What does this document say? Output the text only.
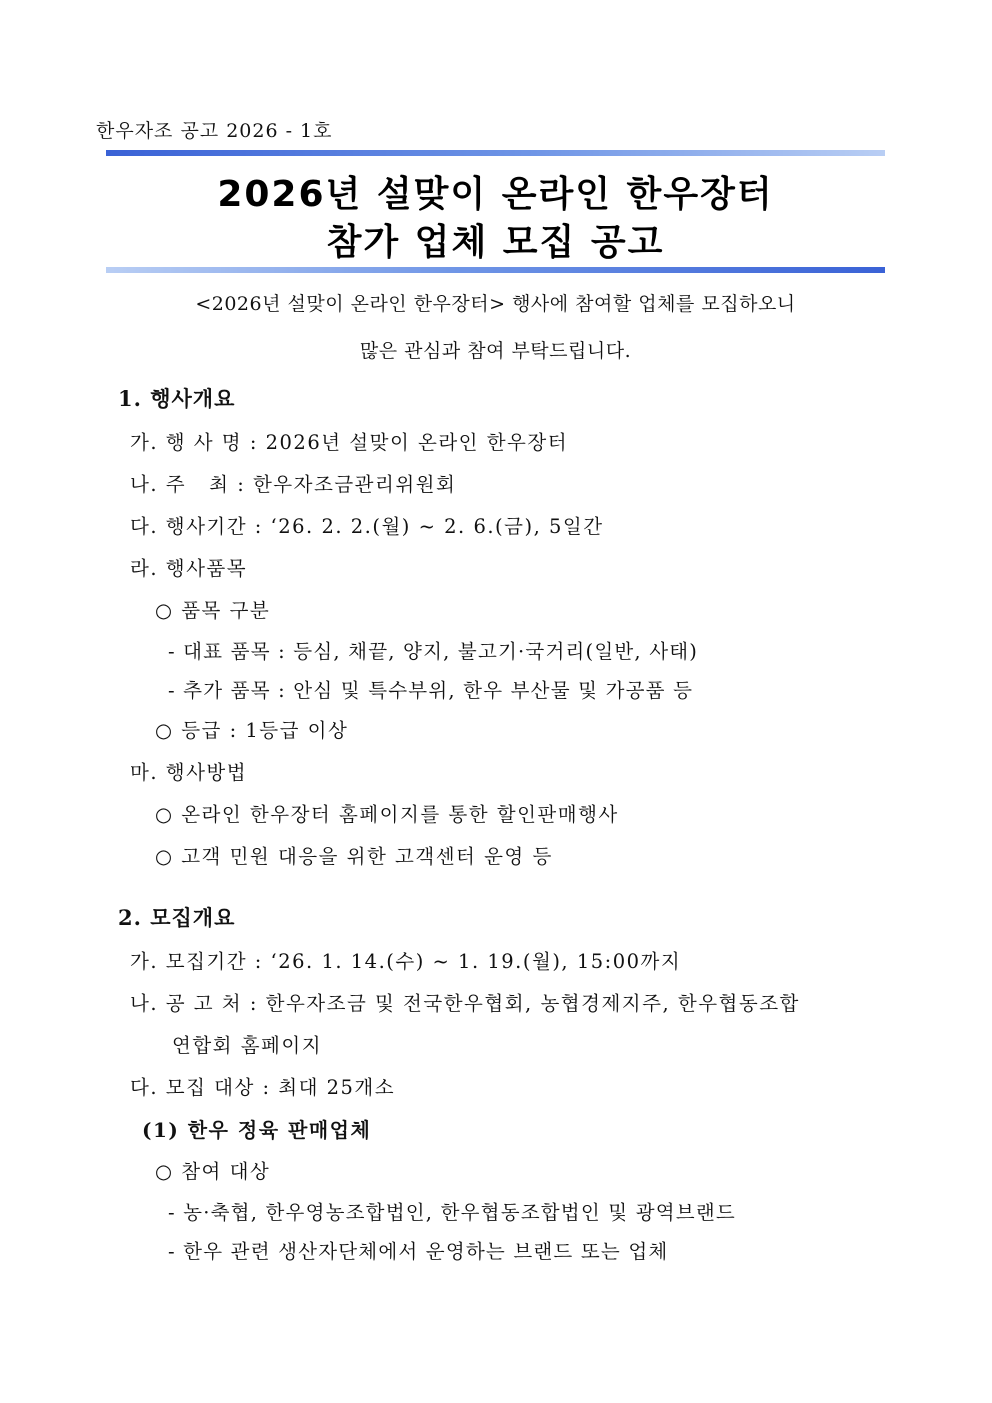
한우자조 공고 2026 - 1호
2026년 설맞이 온라인 한우장터
참가 업체 모집 공고
<2026년 설맞이 온라인 한우장터> 행사에 참여할 업체를 모집하오니
많은 관심과 참여 부탁드립니다.
1. 행사개요
가. 행 사 명 : 2026년 설맞이 온라인 한우장터
나. 주   최 : 한우자조금관리위원회
다. 행사기간 : ‘26. 2. 2.(월) ~ 2. 6.(금), 5일간
라. 행사품목
○ 품목 구분
- 대표 품목 : 등심, 채끝, 양지, 불고기·국거리(일반, 사태)
- 추가 품목 : 안심 및 특수부위, 한우 부산물 및 가공품 등
○ 등급 : 1등급 이상
마. 행사방법
○ 온라인 한우장터 홈페이지를 통한 할인판매행사
○ 고객 민원 대응을 위한 고객센터 운영 등
2. 모집개요
가. 모집기간 : ‘26. 1. 14.(수) ~ 1. 19.(월), 15:00까지
나. 공 고 처 : 한우자조금 및 전국한우협회, 농협경제지주, 한우협동조합
연합회 홈페이지
다. 모집 대상 : 최대 25개소
(1) 한우 정육 판매업체
○ 참여 대상
- 농·축협, 한우영농조합법인, 한우협동조합법인 및 광역브랜드
- 한우 관련 생산자단체에서 운영하는 브랜드 또는 업체
